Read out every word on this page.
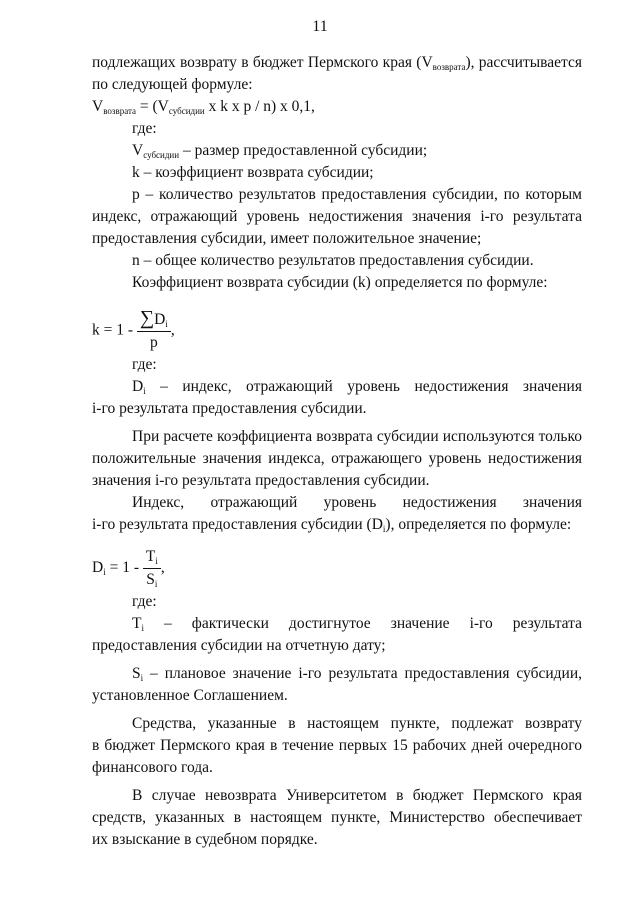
11

подлежащих возврату в бюджет Пермского края $(V_{возврата})$, рассчитывается

по следующей формуле:

$V_{возврата} = (V_{субсидии}$ x k x p / n) x 0,1,

где:

$V_{субсидии}$ – размер предоставленной субсидии;

k – коэффициент возврата субсидии;

p – количество результатов предоставления субсидии, по которым

индекс, отражающий уровень недостижения значения i-го результата

предоставления субсидии, имеет положительное значение;

n – общее количество результатов предоставления субсидии.

Коэффициент возврата субсидии (k) определяется по формуле:

$k = 1 - \frac{\sum D_i}{p}$ ,

где:

$D_i$ – индекс, отражающий уровень недостижения значения

i-го результата предоставления субсидии.

При расчете коэффициента возврата субсидии используются только

положительные значения индекса, отражающего уровень недостижения

значения i-го результата предоставления субсидии.

Индекс, отражающий уровень недостижения значения

i-го результата предоставления субсидии $(D_i)$, определяется по формуле:

$D_i = 1 - \frac{T_i}{S_i}$ ,

где:

$T_i$ – фактически достигнутое значение i-го результата

предоставления субсидии на отчетную дату;

$S_i$ – плановое значение i-го результата предоставления субсидии,

установленное Соглашением.

Средства, указанные в настоящем пункте, подлежат возврату

в бюджет Пермского края в течение первых 15 рабочих дней очередного

финансового года.

В случае невозврата Университетом в бюджет Пермского края

средств, указанных в настоящем пункте, Министерство обеспечивает

их взыскание в судебном порядке.
